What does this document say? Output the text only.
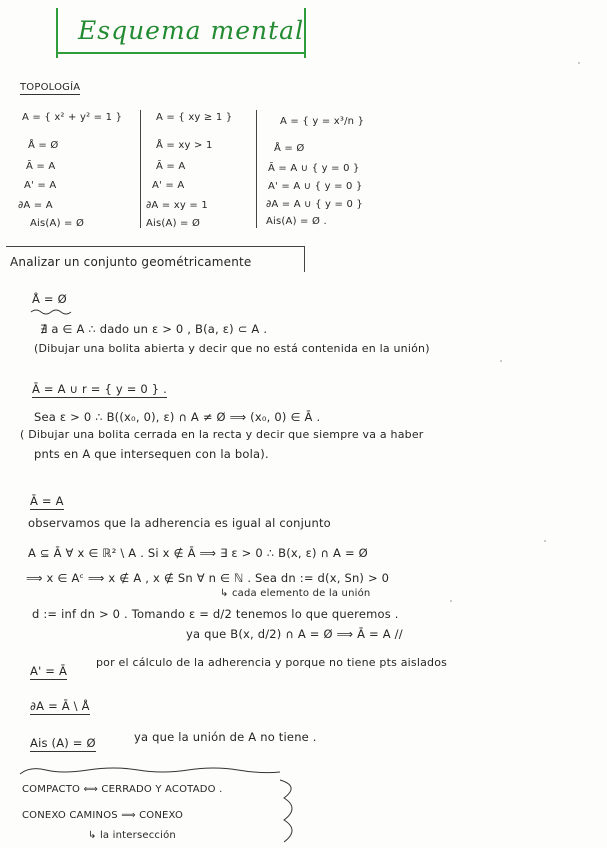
Esquema mental
TOPOLOGÍA
A = { x² + y² = 1 }
Å = Ø
Ā = A
A' = A
∂A = A
Ais(A) = Ø
A = { xy ≥ 1 }
Å = xy > 1
Ā = A
A' = A
∂A = xy = 1
Ais(A) = Ø
A = { y = x³/n }
Å = Ø
Ā = A ∪ { y = 0 }
A' = A ∪ { y = 0 }
∂A = A ∪ { y = 0 }
Ais(A) = Ø .
Analizar un conjunto geométricamente
Å = Ø
∄ a ∈ A ∴ dado un ε > 0 , B(a, ε) ⊂ A .
(Dibujar una bolita abierta y decir que no está contenida en la unión)
Ā = A ∪ r = { y = 0 } .
Sea ε > 0 ∴ B((x₀, 0), ε) ∩ A ≠ Ø ⟹ (x₀, 0) ∈ Ā .
( Dibujar una bolita cerrada en la recta y decir que siempre va a haber
pnts en A que intersequen con la bola).
Ā = A
observamos que la adherencia es igual al conjunto
A ⊆ Ā ∀ x ∈ ℝ² \ A . Si x ∉ Ā ⟹ ∃ ε > 0 ∴ B(x, ε) ∩ A = Ø
⟹ x ∈ Aᶜ ⟹ x ∉ A , x ∉ Sn ∀ n ∈ ℕ . Sea dn := d(x, Sn) > 0
↳ cada elemento de la unión
d := inf dn > 0 . Tomando ε = d/2 tenemos lo que queremos .
ya que B(x, d/2) ∩ A = Ø ⟹ Ā = A //
A' = Ā
por el cálculo de la adherencia y porque no tiene pts aislados
∂A = Ā \ Å
Ais (A) = Ø	ya que la unión de A no tiene .
COMPACTO ⟺ CERRADO Y ACOTADO .
CONEXO CAMINOS ⟹ CONEXO
↳ la intersección
